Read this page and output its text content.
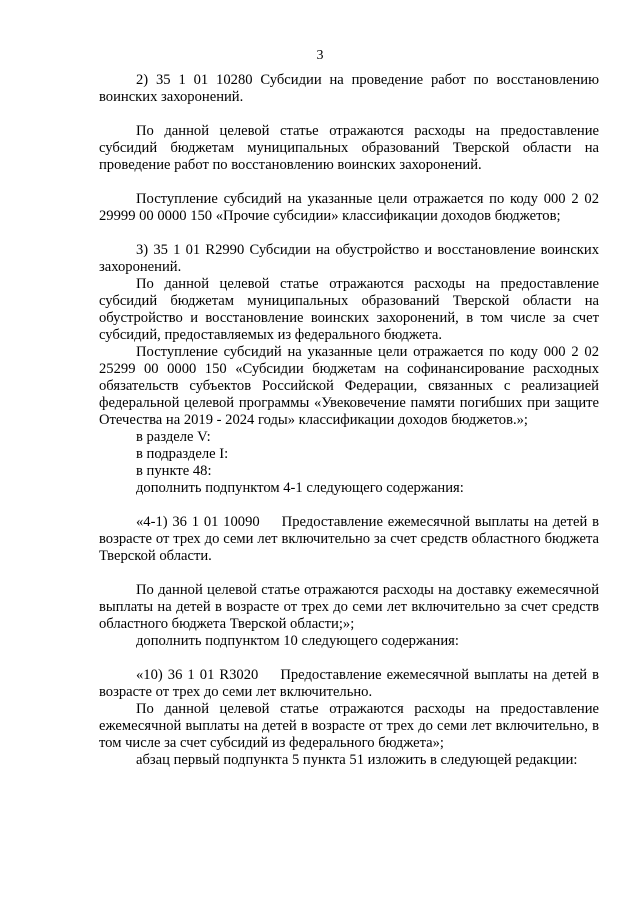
3

2) 35 1 01 10280 Субсидии на проведение работ по восстановлению воинских захоронений.

По данной целевой статье отражаются расходы на предоставление субсидий бюджетам муниципальных образований Тверской области на проведение работ по восстановлению воинских захоронений.

Поступление субсидий на указанные цели отражается по коду 000 2 02 29999 00 0000 150 «Прочие субсидии» классификации доходов бюджетов;

3) 35 1 01 R2990 Субсидии на обустройство и восстановление воинских захоронений.

По данной целевой статье отражаются расходы на предоставление субсидий бюджетам муниципальных образований Тверской области на обустройство и восстановление воинских захоронений, в том числе за счет субсидий, предоставляемых из федерального бюджета.

Поступление субсидий на указанные цели отражается по коду 000 2 02 25299 00 0000 150 «Субсидии бюджетам на софинансирование расходных обязательств субъектов Российской Федерации, связанных с реализацией федеральной целевой программы «Увековечение памяти погибших при защите Отечества на 2019 - 2024 годы» классификации доходов бюджетов.»;

в разделе V:

в подразделе I:

в пункте 48:

дополнить подпунктом 4-1 следующего содержания:

«4-1) 36 1 01 10090 Предоставление ежемесячной выплаты на детей в возрасте от трех до семи лет включительно за счет средств областного бюджета Тверской области.

По данной целевой статье отражаются расходы на доставку ежемесячной выплаты на детей в возрасте от трех до семи лет включительно за счет средств областного бюджета Тверской области;»;

дополнить подпунктом 10 следующего содержания:

«10) 36 1 01 R3020 Предоставление ежемесячной выплаты на детей в возрасте от трех до семи лет включительно.

По данной целевой статье отражаются расходы на предоставление ежемесячной выплаты на детей в возрасте от трех до семи лет включительно, в том числе за счет субсидий из федерального бюджета»;

абзац первый подпункта 5 пункта 51 изложить в следующей редакции:
